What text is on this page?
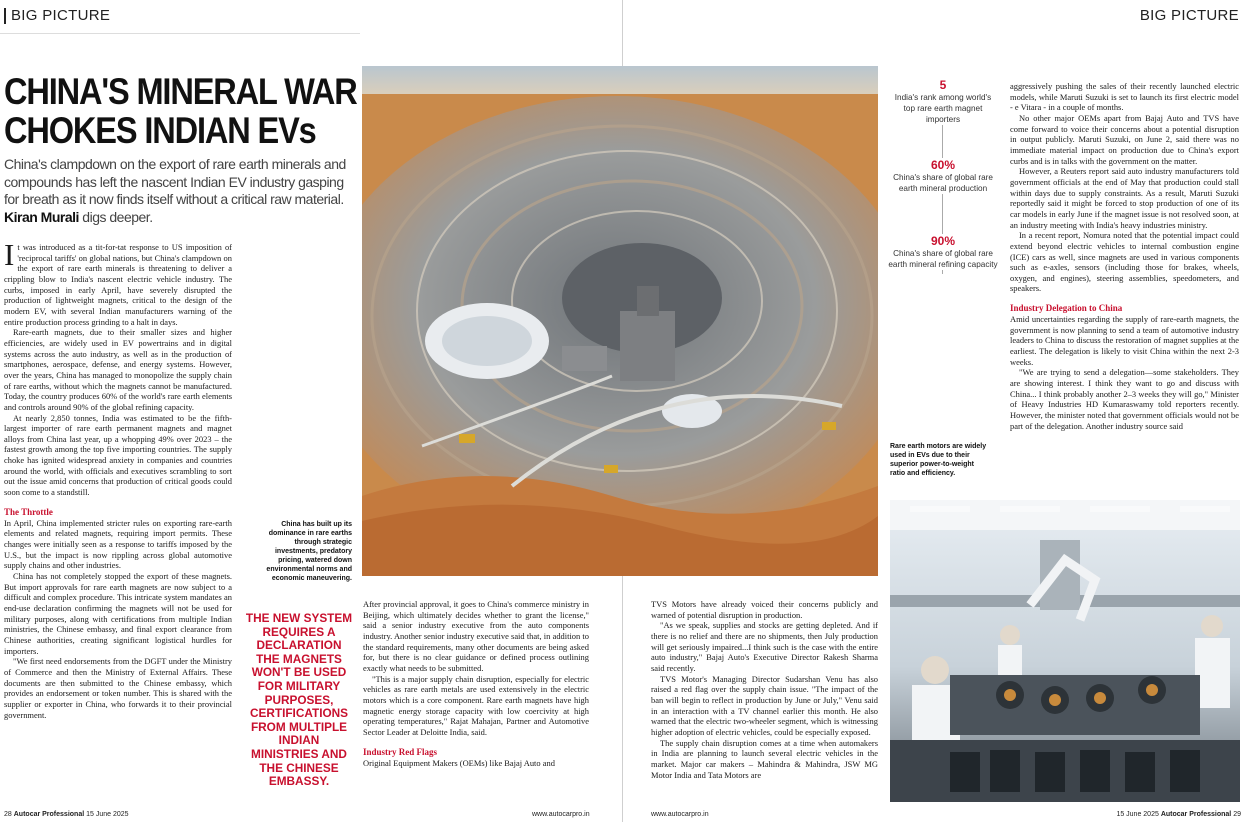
BIG PICTURE	BIG PICTURE
CHINA'S MINERAL WAR
CHOKES INDIAN EVs
China's clampdown on the export of rare earth minerals and compounds has left the nascent Indian EV industry gasping for breath as it now finds itself without a critical raw material. Kiran Murali digs deeper.

It was introduced as a tit-for-tat response to US imposition of 'reciprocal tariffs' on global nations, but China's clampdown on the export of rare earth minerals is threatening to deliver a crippling blow to India's nascent electric vehicle industry. The curbs, imposed in early April, have severely disrupted the production of lightweight magnets, critical to the design of the modern EV, with several Indian manufacturers warning of the entire production process grinding to a halt in days.

Rare-earth magnets, due to their smaller sizes and higher efficiencies, are widely used in EV powertrains and in digital systems across the auto industry, as well as in the production of smartphones, aerospace, defense, and energy systems. However, over the years, China has managed to monopolize the supply chain of rare earths, without which the magnets cannot be manufactured. Today, the country produces 60% of the world's rare earth elements and controls around 90% of the global refining capacity.

At nearly 2,850 tonnes, India was estimated to be the fifth-largest importer of rare earth permanent magnets and magnet alloys from China last year, up a whopping 49% over 2023 – the fastest growth among the top five importing countries. The supply choke has ignited widespread anxiety in companies and countries around the world, with officials and executives scrambling to sort out the issue amid concerns that production of critical goods could soon come to a standstill.

The Throttle

In April, China implemented stricter rules on exporting rare-earth elements and related magnets, requiring import permits. These changes were initially seen as a response to tariffs imposed by the U.S., but the impact is now rippling across global automotive supply chains and other industries.

China has not completely stopped the export of these magnets. But import approvals for rare earth magnets are now subject to a difficult and complex procedure. This intricate system mandates an end-use declaration confirming the magnets will not be used for military purposes, along with certifications from multiple Indian ministries, the Chinese embassy, and final export clearance from Chinese authorities, creating significant logistical hurdles for importers.

"We first need endorsements from the DGFT under the Ministry of Commerce and then the Ministry of External Affairs. These documents are then submitted to the Chinese embassy, which provides an endorsement or token number. This is shared with the supplier or exporter in China, who forwards it to their provincial government.

China has built up its dominance in rare earths through strategic investments, predatory pricing, watered down environmental norms and economic maneuvering.
THE NEW SYSTEM REQUIRES A DECLARATION THE MAGNETS WON'T BE USED FOR MILITARY PURPOSES, CERTIFICATIONS FROM MULTIPLE INDIAN MINISTRIES AND THE CHINESE EMBASSY.

After provincial approval, it goes to China's commerce ministry in Beijing, which ultimately decides whether to grant the license," said a senior industry executive from the auto components industry. Another senior industry executive said that, in addition to the standard requirements, many other documents are being asked for, but there is no clear guidance or defined process outlining exactly what needs to be submitted.

"This is a major supply chain disruption, especially for electric vehicles as rare earth metals are used extensively in the electric motors which is a core component. Rare earth magnets have high magnetic energy storage capacity with low coercivity at high operating temperatures," Rajat Mahajan, Partner and Automotive Sector Leader at Deloitte India, said.

Industry Red Flags

Original Equipment Makers (OEMs) like Bajaj Auto and

TVS Motors have already voiced their concerns publicly and warned of potential disruption in production.

"As we speak, supplies and stocks are getting depleted. And if there is no relief and there are no shipments, then July production will get seriously impaired...I think such is the case with the entire auto industry," Bajaj Auto's Executive Director Rakesh Sharma said recently.

TVS Motor's Managing Director Sudarshan Venu has also raised a red flag over the supply chain issue. "The impact of the ban will begin to reflect in production by June or July," Venu said in an interaction with a TV channel earlier this month. He also warned that the electric two-wheeler segment, which is witnessing higher adoption of electric vehicles, could be especially exposed.

The supply chain disruption comes at a time when automakers in India are planning to launch several electric vehicles in the market. Major car makers – Mahindra & Mahindra, JSW MG Motor India and Tata Motors are

5
India's rank among world's top rare earth magnet importers
60%
China's share of global rare earth mineral production
90%
China's share of global rare earth mineral refining capacity
Rare earth motors are widely used in EVs due to their superior power-to-weight ratio and efficiency.

aggressively pushing the sales of their recently launched electric models, while Maruti Suzuki is set to launch its first electric model - e Vitara - in a couple of months.

No other major OEMs apart from Bajaj Auto and TVS have come forward to voice their concerns about a potential disruption in output publicly. Maruti Suzuki, on June 2, said there was no immediate material impact on production due to China's export curbs and is in talks with the government on the matter.

However, a Reuters report said auto industry manufacturers told government officials at the end of May that production could stall within days due to supply constraints. As a result, Maruti Suzuki reportedly said it might be forced to stop production of one of its car models in early June if the magnet issue is not resolved soon, at an industry meeting with India's heavy industries ministry.

In a recent report, Nomura noted that the potential impact could extend beyond electric vehicles to internal combustion engine (ICE) cars as well, since magnets are used in various components such as e-axles, sensors (including those for brakes, wheels, oxygen, and engines), steering assemblies, speedometers, and speakers.

Industry Delegation to China

Amid uncertainties regarding the supply of rare-earth magnets, the government is now planning to send a team of automotive industry leaders to China to discuss the restoration of magnet supplies at the earliest. The delegation is likely to visit China within the next 2-3 weeks.

"We are trying to send a delegation—some stakeholders. They are showing interest. I think they want to go and discuss with China... I think probably another 2–3 weeks they will go," Minister of Heavy Industries HD Kumaraswamy told reporters recently. However, the minister noted that government officials would not be part of the delegation. Another industry source said

28 Autocar Professional 15 June 2025	www.autocarpro.in	www.autocarpro.in	15 June 2025 Autocar Professional 29
